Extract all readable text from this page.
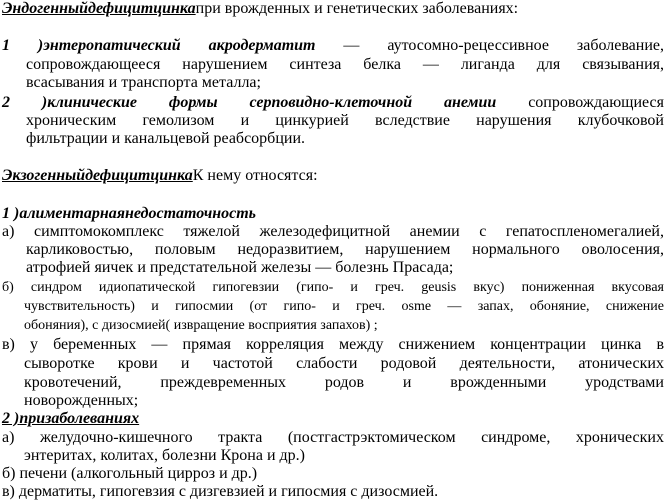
Эндогенныйдефицитцинкапри врожденных и генетических заболеваниях:
1 )энтеропатический акродерматит — аутосомно-рецессивное заболевание,
сопровождающееся нарушением синтеза белка — лиганда для связывания,
всасывания и транспорта металла;
2 )клинические формы серповидно-клеточной анемии сопровождающиеся
хроническим гемолизом и цинкурией вследствие нарушения клубочковой
фильтрации и канальцевой реабсорбции.
ЭкзогенныйдефицитцинкаК нему относятся:
1 )алиментарнаянедостаточность
а) симптомокомплекс тяжелой железодефицитной анемии с гепатоспленомегалией,
карликовостью, половым недоразвитием, нарушением нормального оволосения,
атрофией яичек и предстательной железы — болезнь Прасада;
б) синдром идиопатической гипогевзии (гипо- и греч. geusis вкус) пониженная вкусовая
чувствительность) и гипосмии (от гипо- и греч. osme — запах, обоняние, снижение
обоняния), с дизосмией( извращение восприятия запахов) ;
в) у беременных — прямая корреляция между снижением концентрации цинка в
сыворотке крови и частотой слабости родовой деятельности, атонических
кровотечений, преждевременных родов и врожденными уродствами
новорожденных;
2 )призаболеваниях
а) желудочно-кишечного тракта (постгастрэктомическом синдроме, хронических
энтеритах, колитах, болезни Крона и др.)
б) печени (алкогольный цирроз и др.)
в) дерматиты, гипогевзия с дизгевзией и гипосмия с дизосмией.
